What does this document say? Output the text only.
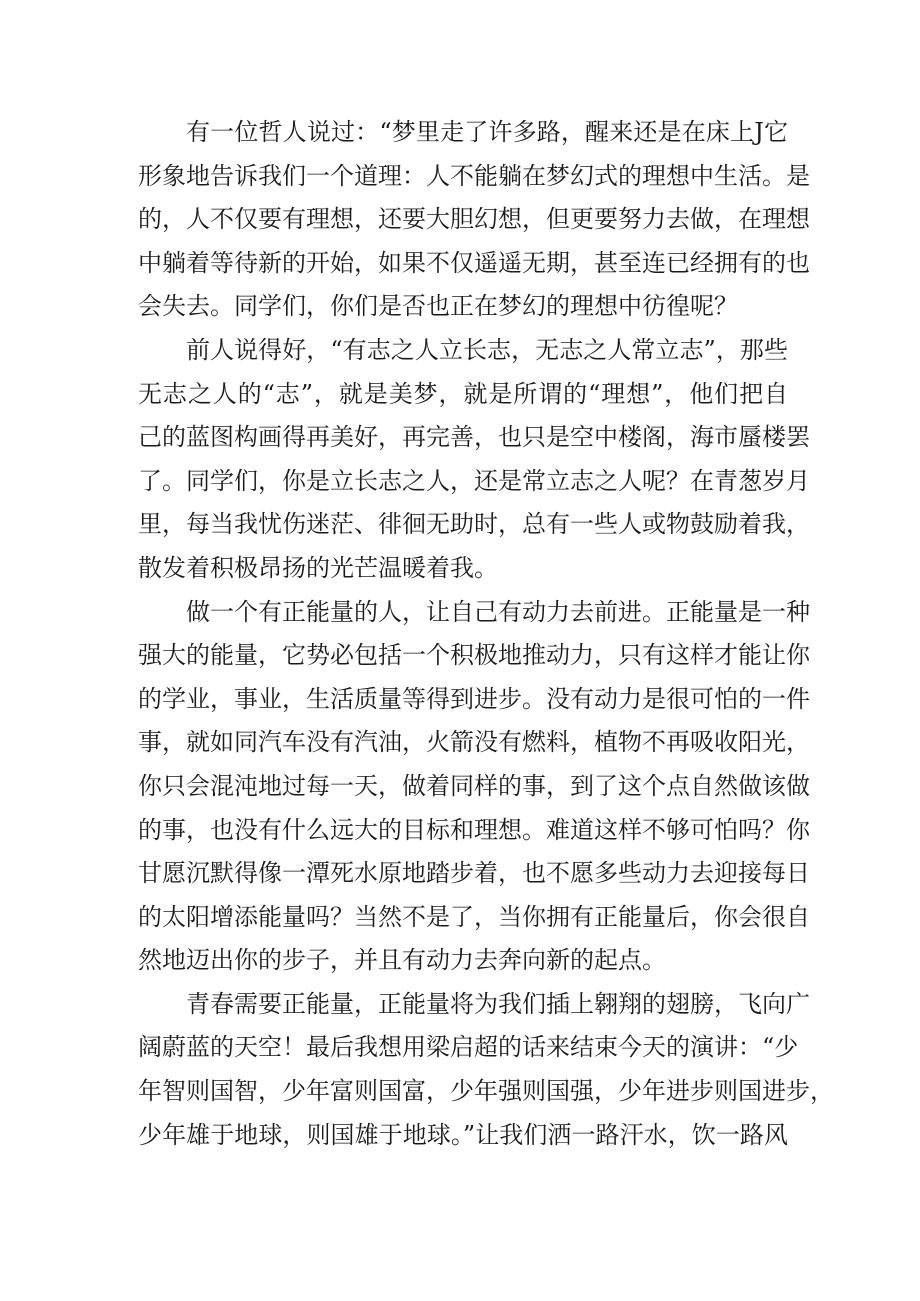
有一位哲人说过：“梦里走了许多路，醒来还是在床上J它
形象地告诉我们一个道理：人不能躺在梦幻式的理想中生活。是
的，人不仅要有理想，还要大胆幻想，但更要努力去做，在理想
中躺着等待新的开始，如果不仅遥遥无期，甚至连已经拥有的也
会失去。同学们，你们是否也正在梦幻的理想中彷徨呢？
前人说得好，“有志之人立长志，无志之人常立志”，那些
无志之人的“志”，就是美梦，就是所谓的“理想”，他们把自
己的蓝图构画得再美好，再完善，也只是空中楼阁，海市蜃楼罢
了。同学们，你是立长志之人，还是常立志之人呢？在青葱岁月
里，每当我忧伤迷茫、徘徊无助时，总有一些人或物鼓励着我，
散发着积极昂扬的光芒温暖着我。
做一个有正能量的人，让自己有动力去前进。正能量是一种
强大的能量，它势必包括一个积极地推动力，只有这样才能让你
的学业，事业，生活质量等得到进步。没有动力是很可怕的一件
事，就如同汽车没有汽油，火箭没有燃料，植物不再吸收阳光，
你只会混沌地过每一天，做着同样的事，到了这个点自然做该做
的事，也没有什么远大的目标和理想。难道这样不够可怕吗？你
甘愿沉默得像一潭死水原地踏步着，也不愿多些动力去迎接每日
的太阳增添能量吗？当然不是了，当你拥有正能量后，你会很自
然地迈出你的步子，并且有动力去奔向新的起点。
青春需要正能量，正能量将为我们插上翱翔的翅膀，飞向广
阔蔚蓝的天空！最后我想用梁启超的话来结束今天的演讲：“少
年智则国智，少年富则国富，少年强则国强，少年进步则国进步，
少年雄于地球，则国雄于地球。”让我们洒一路汗水，饮一路风
